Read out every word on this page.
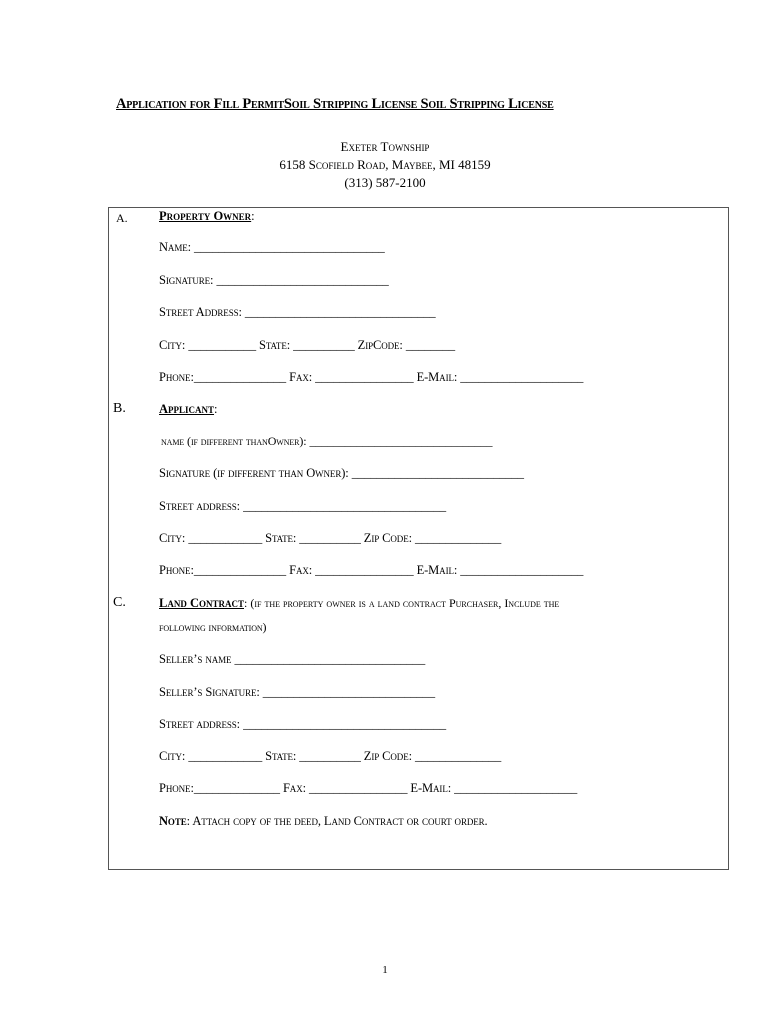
Application for Fill PermitSoil Stripping License Soil Stripping License
Exeter Township
6158 Scofield Road, Maybee, MI 48159
(313) 587-2100
A.	Property Owner:
Name: _______________________________
Signature: ____________________________
Street Address: _______________________________
City: ___________ State: __________ ZipCode: ________
Phone:_______________ Fax: ________________ E-Mail: ____________________
B.	Applicant:
name (if different thanOwner): _______________________________
Signature (if different than Owner): ____________________________
Street address: _________________________________
City: ____________ State: __________ Zip Code: ______________
Phone:_______________ Fax: ________________ E-Mail: ____________________
C.	Land Contract: (if the property owner is a land contract Purchaser, Include the
following information)
Seller’s name _______________________________
Seller’s Signature: ____________________________
Street address: _________________________________
City: ____________ State: __________ Zip Code: ______________
Phone:______________ Fax: ________________ E-Mail: ____________________
Note: Attach copy of the deed, Land Contract or court order.
1
